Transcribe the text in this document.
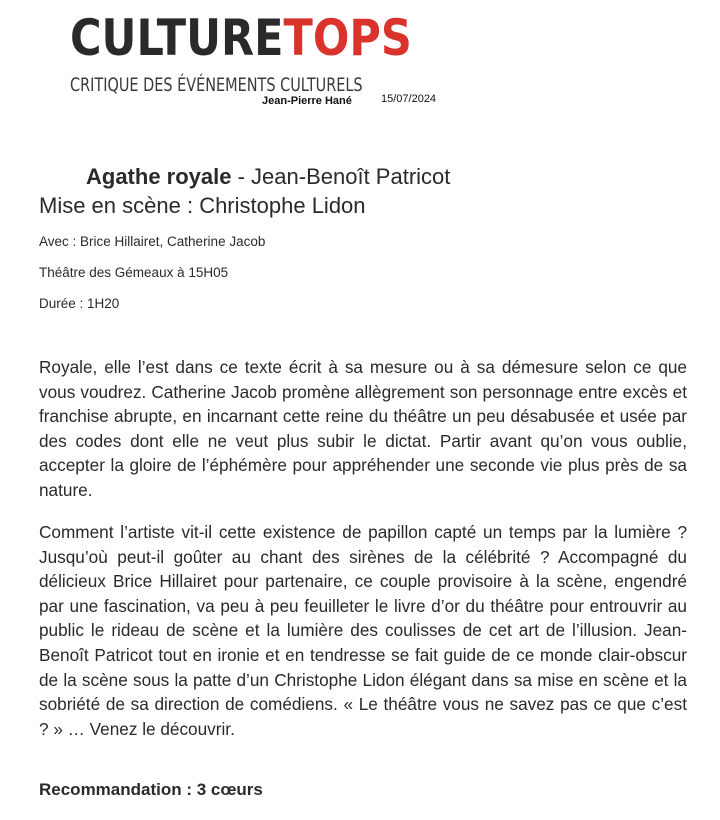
CULTURETOPS
CRITIQUE DES ÉVÉNEMENTS CULTURELS
Jean-Pierre Hané	15/07/2024
Agathe royale - Jean-Benoît Patricot
Mise en scène : Christophe Lidon
Avec : Brice Hillairet, Catherine Jacob
Théâtre des Gémeaux à 15H05
Durée : 1H20

Royale, elle l’est dans ce texte écrit à sa mesure ou à sa démesure selon ce que vous voudrez. Catherine Jacob promène allègrement son personnage entre excès et franchise abrupte, en incarnant cette reine du théâtre un peu désabusée et usée par des codes dont elle ne veut plus subir le dictat. Partir avant qu’on vous oublie, accepter la gloire de l’éphémère pour appréhender une seconde vie plus près de sa nature.

Comment l’artiste vit-il cette existence de papillon capté un temps par la lumière ? Jusqu’où peut-il goûter au chant des sirènes de la célébrité ? Accompagné du délicieux Brice Hillairet pour partenaire, ce couple provisoire à la scène, engendré par une fascination, va peu à peu feuilleter le livre d’or du théâtre pour entrouvrir au public le rideau de scène et la lumière des coulisses de cet art de l’illusion. Jean-Benoît Patricot tout en ironie et en tendresse se fait guide de ce monde clair-obscur de la scène sous la patte d’un Christophe Lidon élégant dans sa mise en scène et la sobriété de sa direction de comédiens. « Le théâtre vous ne savez pas ce que c’est ? » … Venez le découvrir.

Recommandation : 3 cœurs
